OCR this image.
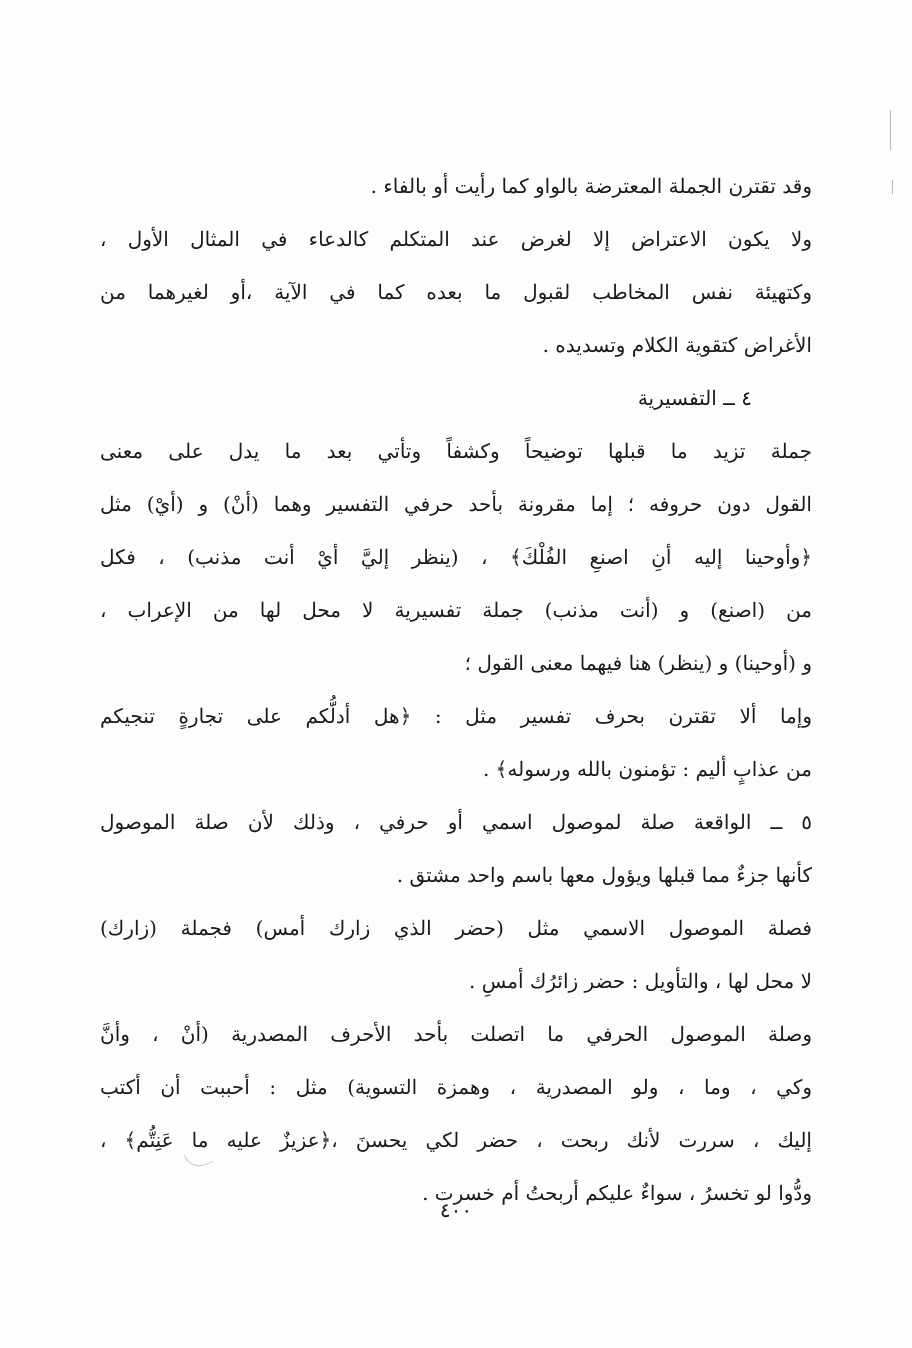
وقد تقترن الجملة المعترضة بالواو كما رأيت أو بالفاء .

ولا يكون الاعتراض إلا لغرض عند المتكلم كالدعاء في المثال الأول ،
وكتهيئة نفس المخاطب لقبول ما بعده كما في الآية ،أو لغيرهما من
الأغراض كتقوية الكلام وتسديده .

٤ ــ التفسيرية

جملة تزيد ما قبلها توضيحاً وكشفاً وتأتي بعد ما يدل على معنى
القول دون حروفه ؛ إما مقرونة بأحد حرفي التفسير وهما (أنْ) و (أيْ) مثل
﴿وأوحينا إليه أنِ اصنعِ الفُلْكَ﴾ ، (ينظر إليَّ أيْ أنت مذنب) ، فكل
من (اصنع) و (أنت مذنب) جملة تفسيرية لا محل لها من الإعراب ،
و (أوحينا) و (ينظر) هنا فيهما معنى القول ؛

وإما ألا تقترن بحرف تفسير مثل : ﴿هل أدلُّكم على تجارةٍ تنجيكم
من عذابٍ أليم : تؤمنون بالله ورسوله﴾ .

٥ ــ الواقعة صلة لموصول اسمي أو حرفي ، وذلك لأن صلة الموصول
كأنها جزءٌ مما قبلها ويؤول معها باسم واحد مشتق .

فصلة الموصول الاسمي مثل (حضر الذي زارك أمس) فجملة (زارك)
لا محل لها ، والتأويل : حضر زائرُك أمسِ .

وصلة الموصول الحرفي ما اتصلت بأحد الأحرف المصدرية (أنْ ، وأنَّ
وكي ، وما ، ولو المصدرية ، وهمزة التسوية) مثل : أحببت أن أكتب
إليك ، سررت لأنك ربحت ، حضر لكي يحسنَ ،﴿عزيزٌ عليه ما عَنِتُّم﴾ ،
ودُّوا لو تخسرُ ، سواءٌ عليكم أربحتُ أم خسرت .

٤٠٠
